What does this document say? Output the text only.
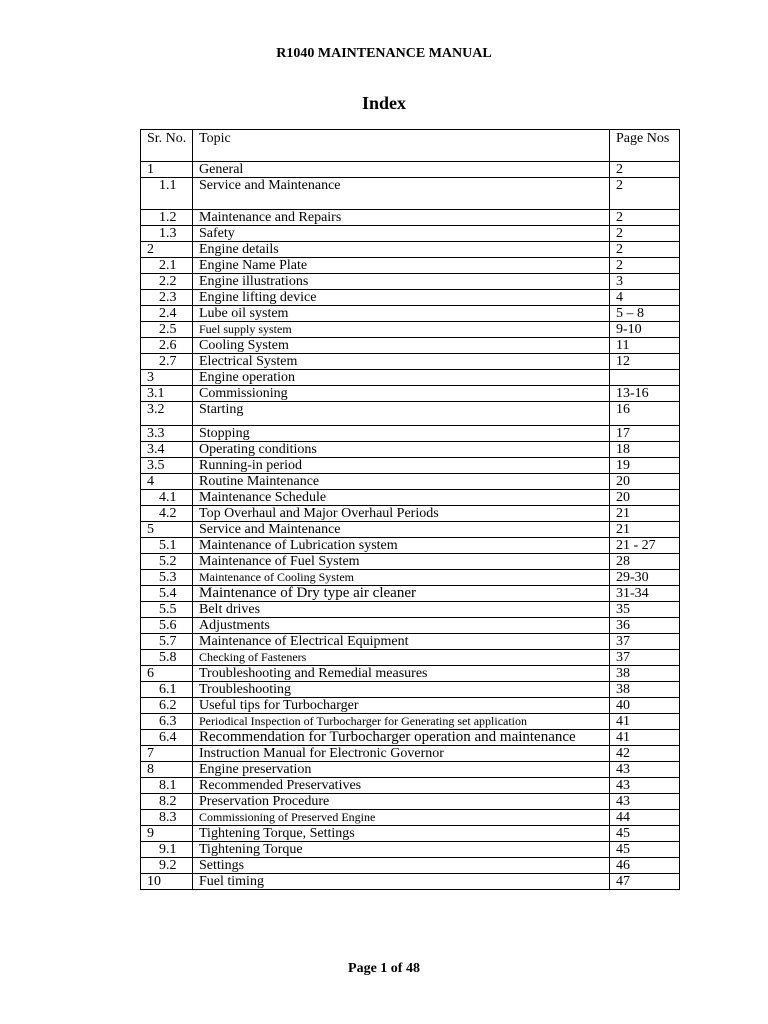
R1040 MAINTENANCE MANUAL
Index
Sr. No.	Topic	Page Nos
1	General	2
1.1	Service and Maintenance	2
1.2	Maintenance and Repairs	2
1.3	Safety	2
2	Engine details	2
2.1	Engine Name Plate	2
2.2	Engine illustrations	3
2.3	Engine lifting device	4
2.4	Lube oil system	5 – 8
2.5	Fuel supply system	9-10
2.6	Cooling System	11
2.7	Electrical System	12
3	Engine operation	
3.1	Commissioning	13-16
3.2	Starting	16
3.3	Stopping	17
3.4	Operating conditions	18
3.5	Running-in period	19
4	Routine Maintenance	20
4.1	Maintenance Schedule	20
4.2	Top Overhaul and Major Overhaul Periods	21
5	Service and Maintenance	21
5.1	Maintenance of Lubrication system	21 - 27
5.2	Maintenance of Fuel System	28
5.3	Maintenance of Cooling System	29-30
5.4	Maintenance of Dry type air cleaner	31-34
5.5	Belt drives	35
5.6	Adjustments	36
5.7	Maintenance of Electrical Equipment	37
5.8	Checking of Fasteners	37
6	Troubleshooting and Remedial measures	38
6.1	Troubleshooting	38
6.2	Useful tips for Turbocharger	40
6.3	Periodical Inspection of Turbocharger for Generating set application	41
6.4	Recommendation for Turbocharger operation and maintenance	41
7	Instruction Manual for Electronic Governor	42
8	Engine preservation	43
8.1	Recommended Preservatives	43
8.2	Preservation Procedure	43
8.3	Commissioning of Preserved Engine	44
9	Tightening Torque, Settings	45
9.1	Tightening Torque	45
9.2	Settings	46
10	Fuel timing	47
Page 1 of 48
